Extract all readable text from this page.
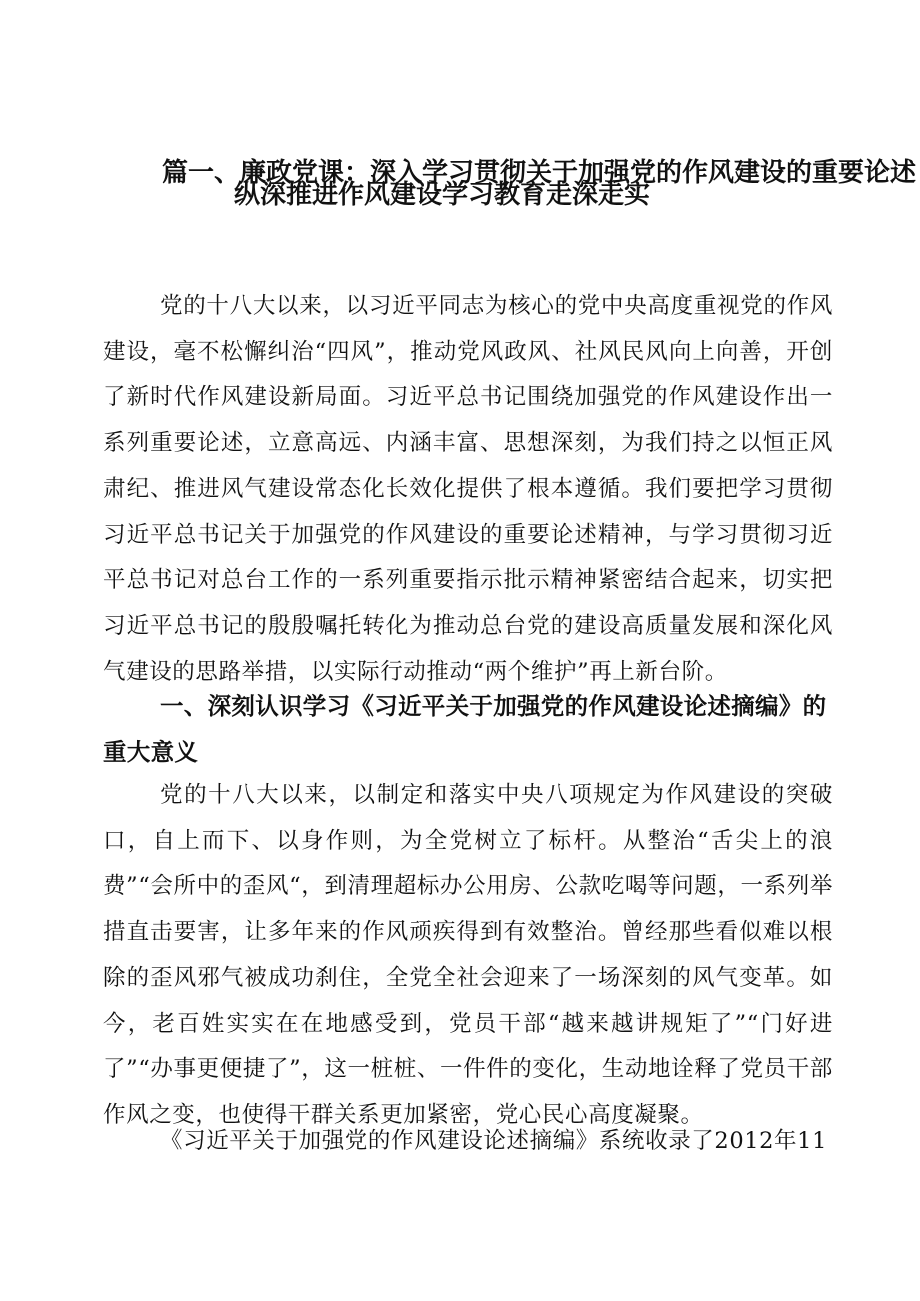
篇一、廉政党课：深入学习贯彻关于加强党的作风建设的重要论述
纵深推进作风建设学习教育走深走实
党的十八大以来，以习近平同志为核心的党中央高度重视党的作风建设，毫不松懈纠治“四风”，推动党风政风、社风民风向上向善，开创了新时代作风建设新局面。习近平总书记围绕加强党的作风建设作出一系列重要论述，立意高远、内涵丰富、思想深刻，为我们持之以恒正风肃纪、推进风气建设常态化长效化提供了根本遵循。我们要把学习贯彻习近平总书记关于加强党的作风建设的重要论述精神，与学习贯彻习近平总书记对总台工作的一系列重要指示批示精神紧密结合起来，切实把习近平总书记的殷殷嘱托转化为推动总台党的建设高质量发展和深化风气建设的思路举措，以实际行动推动“两个维护”再上新台阶。
一、深刻认识学习《习近平关于加强党的作风建设论述摘编》的重大意义
党的十八大以来，以制定和落实中央八项规定为作风建设的突破口，自上而下、以身作则，为全党树立了标杆。从整治“舌尖上的浪费”“会所中的歪风“，到清理超标办公用房、公款吃喝等问题，一系列举措直击要害，让多年来的作风顽疾得到有效整治。曾经那些看似难以根除的歪风邪气被成功刹住，全党全社会迎来了一场深刻的风气变革。如今，老百姓实实在在地感受到，党员干部“越来越讲规矩了”“门好进了”“办事更便捷了”，这一桩桩、一件件的变化，生动地诠释了党员干部作风之变，也使得干群关系更加紧密，党心民心高度凝聚。
《习近平关于加强党的作风建设论述摘编》系统收录了2012年11
